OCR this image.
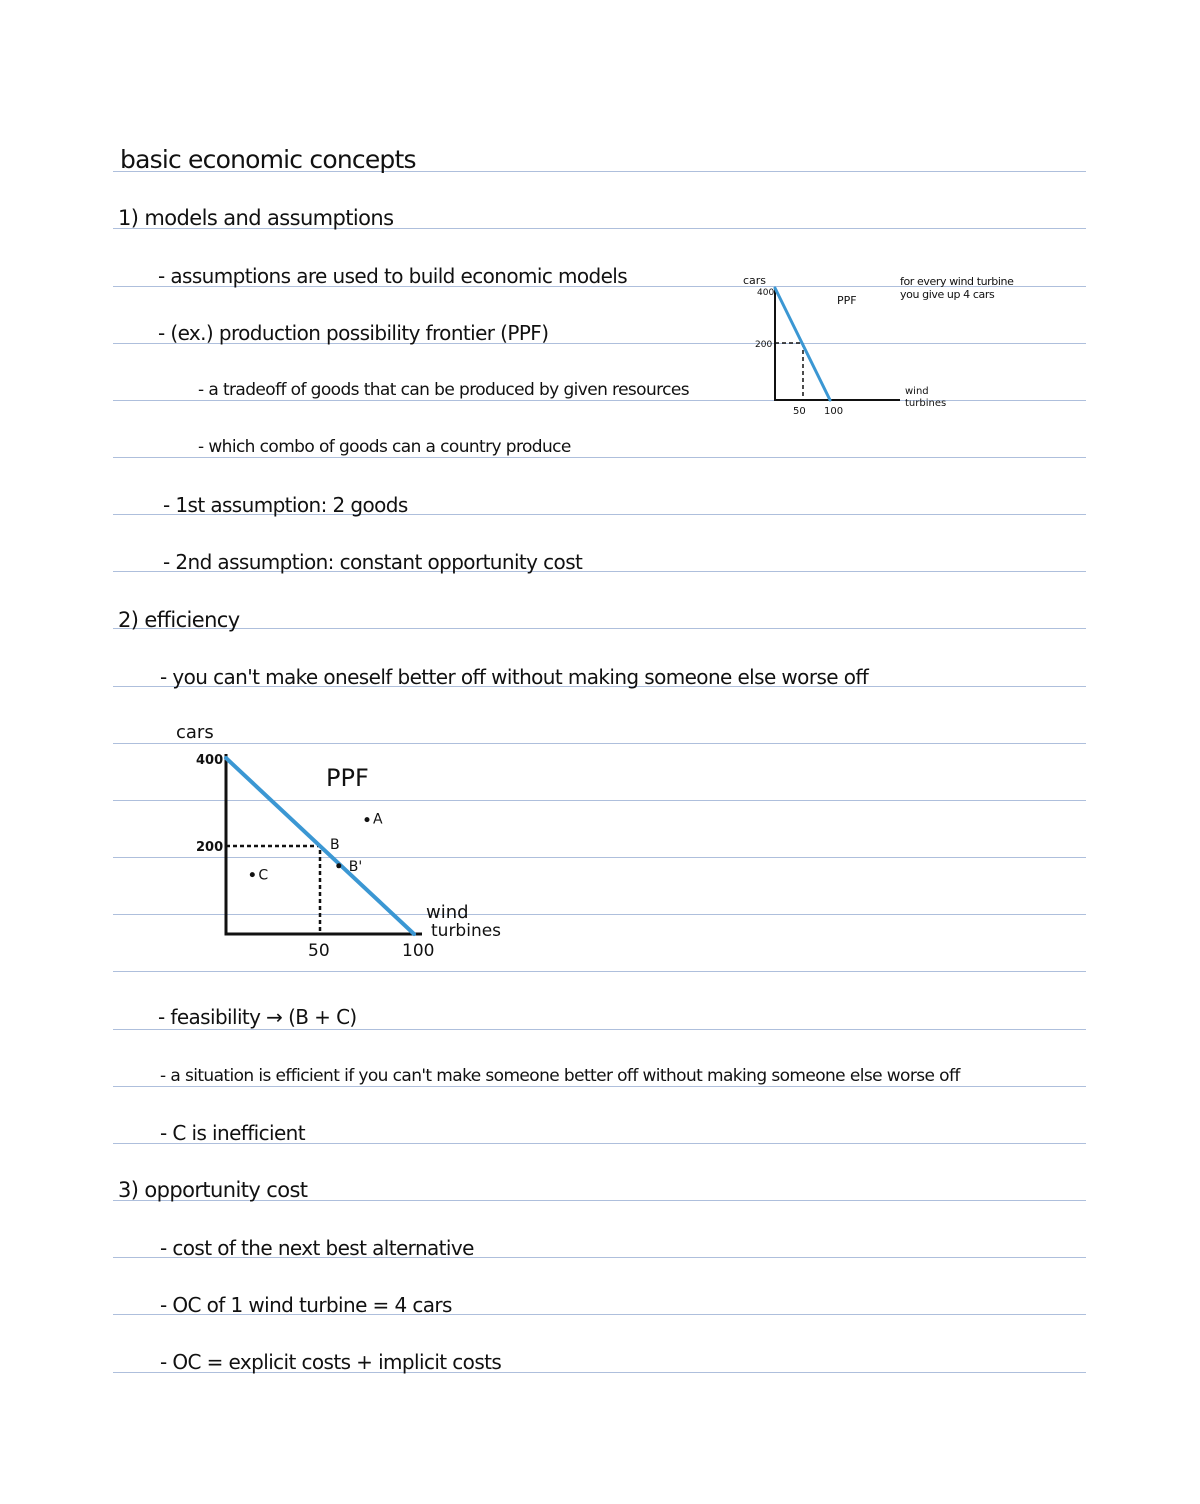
basic economic concepts
1) models and assumptions
- assumptions are used to build economic models
- (ex.) production possibility frontier (PPF)
- a tradeoff of goods that can be produced by given resources
- which combo of goods can a country produce
- 1st assumption: 2 goods
- 2nd assumption: constant opportunity cost
cars
400
200
50 100
PPF
wind
turbines
for every wind turbine
you give up 4 cars
2) efficiency
- you can't make oneself better off without making someone else worse off
cars
400
200
50	100
wind
turbines
PPF
A
B
B'
C
- feasibility → (B + C)
- a situation is efficient if you can't make someone better off without making someone else worse off
- C is inefficient
3) opportunity cost
- cost of the next best alternative
- OC of 1 wind turbine = 4 cars
- OC = explicit costs + implicit costs
